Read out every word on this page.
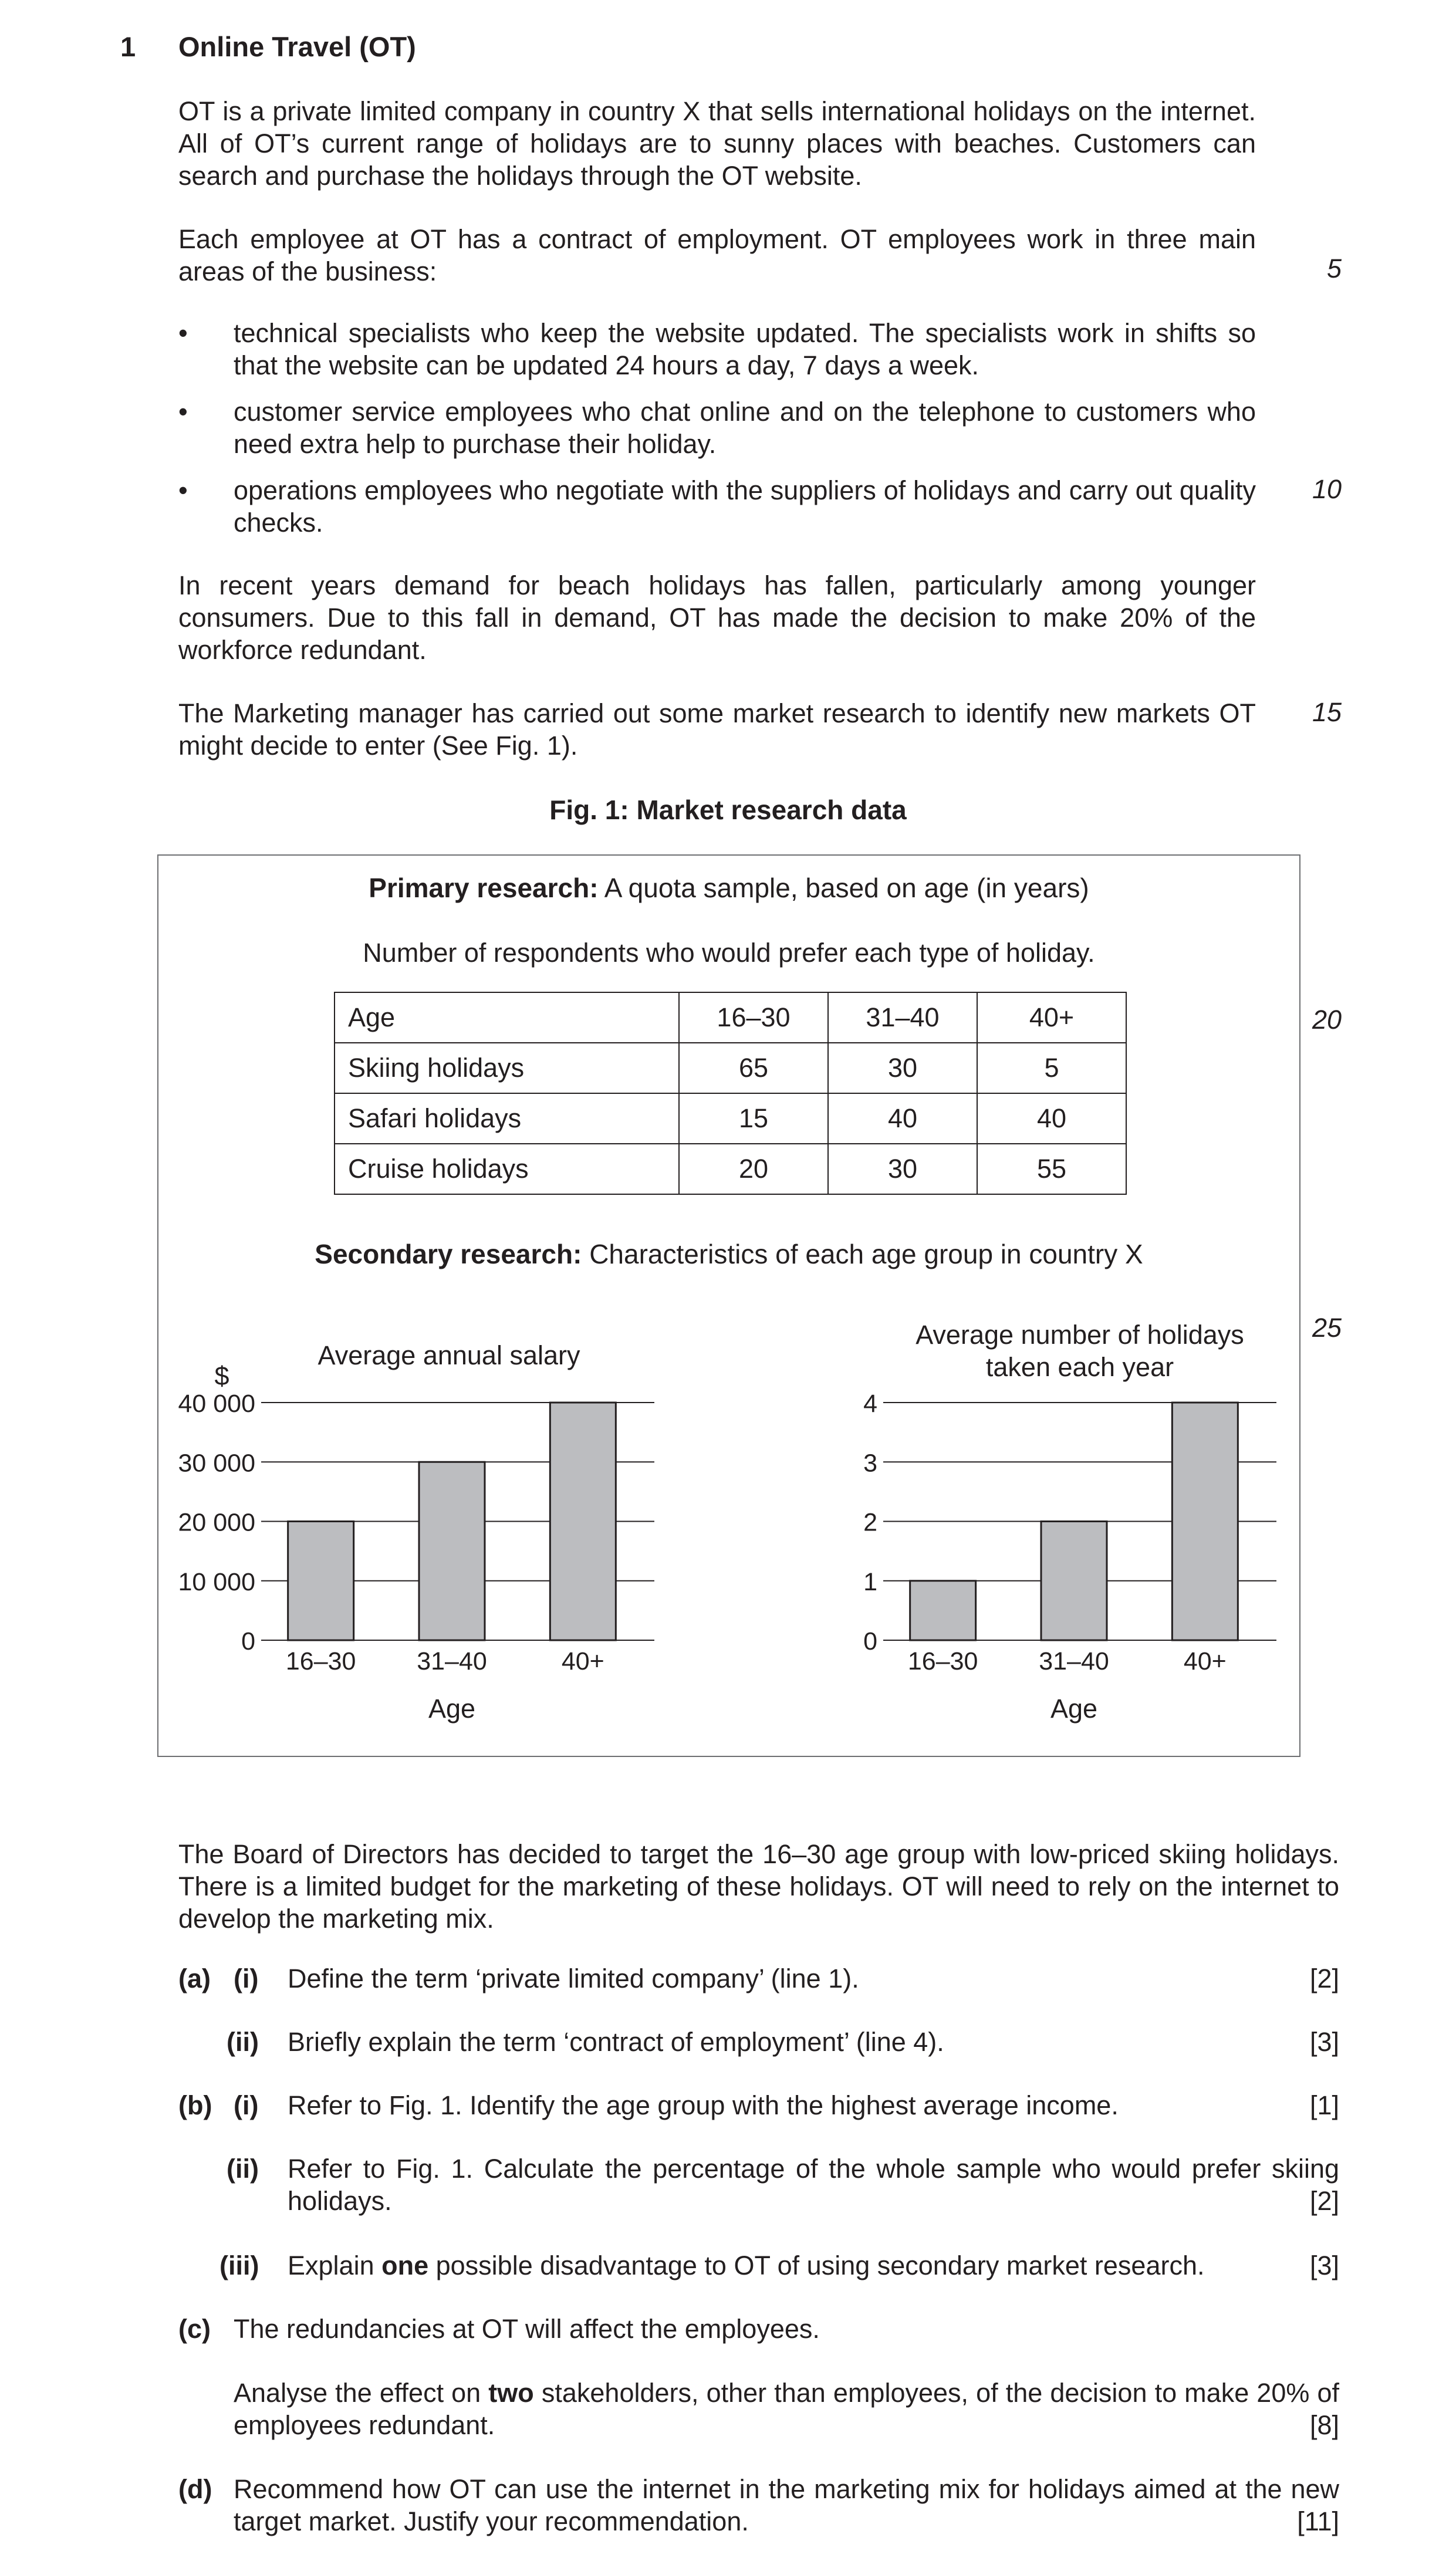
1 Online Travel (OT)
OT is a private limited company in country X that sells international holidays on the internet. All of OT’s current range of holidays are to sunny places with beaches. Customers can search and purchase the holidays through the OT website.
Each employee at OT has a contract of employment. OT employees work in three main areas of the business:	5
• technical specialists who keep the website updated. The specialists work in shifts so that the website can be updated 24 hours a day, 7 days a week.
• customer service employees who chat online and on the telephone to customers who need extra help to purchase their holiday.
• operations employees who negotiate with the suppliers of holidays and carry out quality checks.
10
In recent years demand for beach holidays has fallen, particularly among younger consumers. Due to this fall in demand, OT has made the decision to make 20% of the workforce redundant.
The Marketing manager has carried out some market research to identify new markets OT might decide to enter (See Fig. 1).
15
Fig. 1: Market research data
Primary research: A quota sample, based on age (in years)
Number of respondents who would prefer each type of holiday.
Age	16–30	31–40	40+
Skiing holidays	65	30	5
Safari holidays	15	40	40
Cruise holidays	20	30	55
20
Secondary research: Characteristics of each age group in country X
25
Average annual salary
$
0
10 000
20 000
30 000
40 000
16–30 31–40	40+
Age
Average number of holidays
taken each year
0
1
2
3
4
16–30 31–40	40+
Age
The Board of Directors has decided to target the 16–30 age group with low-priced skiing holidays. There is a limited budget for the marketing of these holidays. OT will need to rely on the internet to develop the marketing mix.
(a) (i) Define the term ‘private limited company’ (line 1).	[2]
(ii) Briefly explain the term ‘contract of employment’ (line 4).	[3]
(b) (i) Refer to Fig. 1. Identify the age group with the highest average income.	[1]
(ii) Refer to Fig. 1. Calculate the percentage of the whole sample who would prefer skiing holidays.	[2]
(iii) Explain one possible disadvantage to OT of using secondary market research.	[3]
(c) The redundancies at OT will affect the employees.
Analyse the effect on two stakeholders, other than employees, of the decision to make 20% of employees redundant.	[8]
(d) Recommend how OT can use the internet in the marketing mix for holidays aimed at the new target market. Justify your recommendation.	[11]
